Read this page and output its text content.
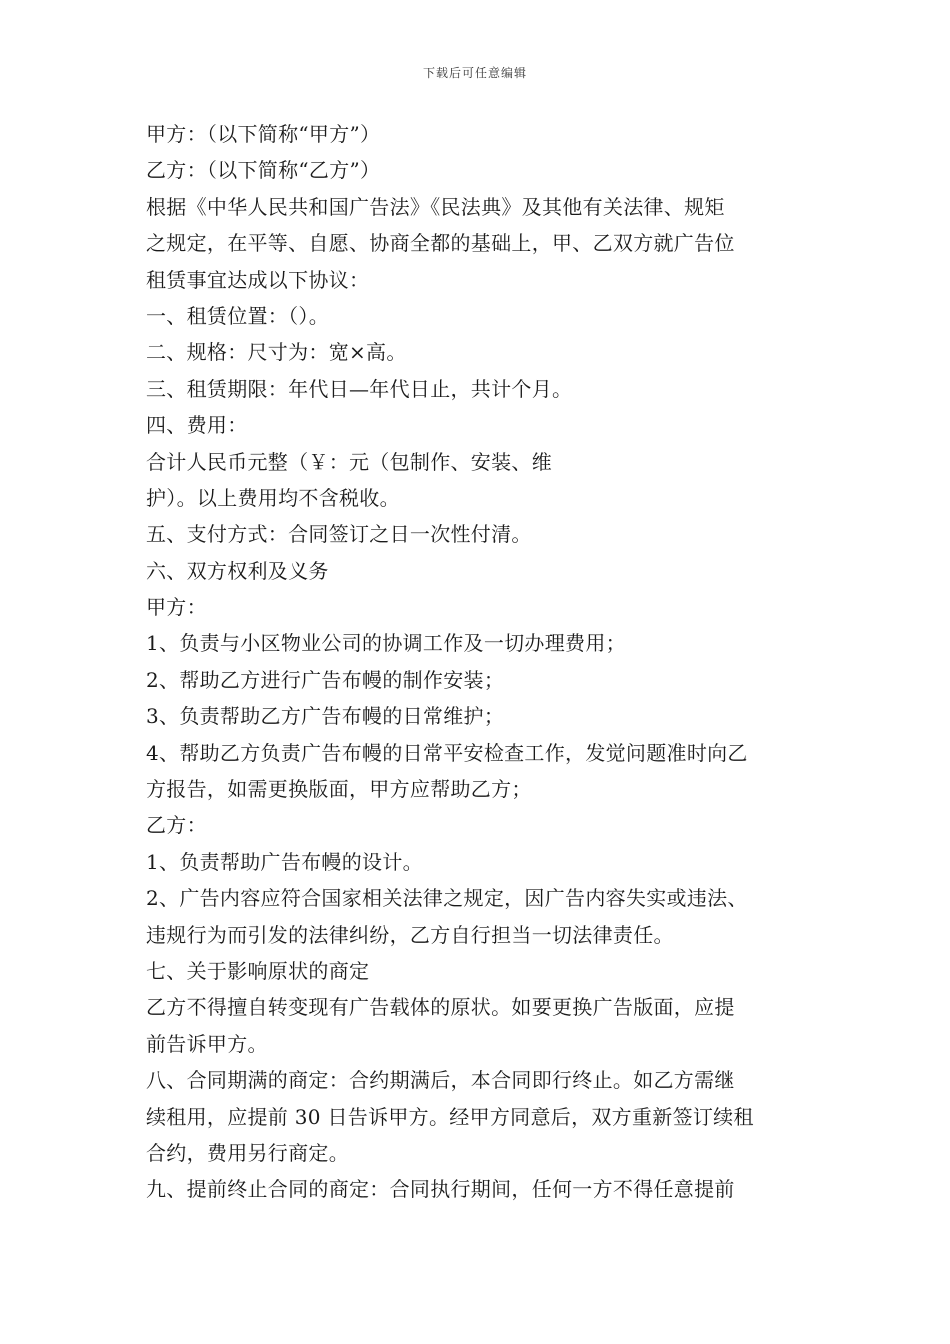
下载后可任意编辑
甲方：（以下简称“甲方”）
乙方：（以下简称“乙方”）
根据《中华人民共和国广告法》《民法典》及其他有关法律、规矩
之规定，在平等、自愿、协商全都的基础上，甲、乙双方就广告位
租赁事宜达成以下协议：
一、租赁位置：（）。
二、规格：尺寸为：宽×高。
三、租赁期限：年代日—年代日止，共计个月。
四、费用：
合计人民币元整（￥：元（包制作、安装、维
护）。以上费用均不含税收。
五、支付方式：合同签订之日一次性付清。
六、双方权利及义务
甲方：
1、负责与小区物业公司的协调工作及一切办理费用；
2、帮助乙方进行广告布幔的制作安装；
3、负责帮助乙方广告布幔的日常维护；
4、帮助乙方负责广告布幔的日常平安检查工作，发觉问题准时向乙
方报告，如需更换版面，甲方应帮助乙方；
乙方：
1、负责帮助广告布幔的设计。
2、广告内容应符合国家相关法律之规定，因广告内容失实或违法、
违规行为而引发的法律纠纷，乙方自行担当一切法律责任。
七、关于影响原状的商定
乙方不得擅自转变现有广告载体的原状。如要更换广告版面，应提
前告诉甲方。
八、合同期满的商定：合约期满后，本合同即行终止。如乙方需继
续租用，应提前 30 日告诉甲方。经甲方同意后，双方重新签订续租
合约，费用另行商定。
九、提前终止合同的商定：合同执行期间，任何一方不得任意提前
